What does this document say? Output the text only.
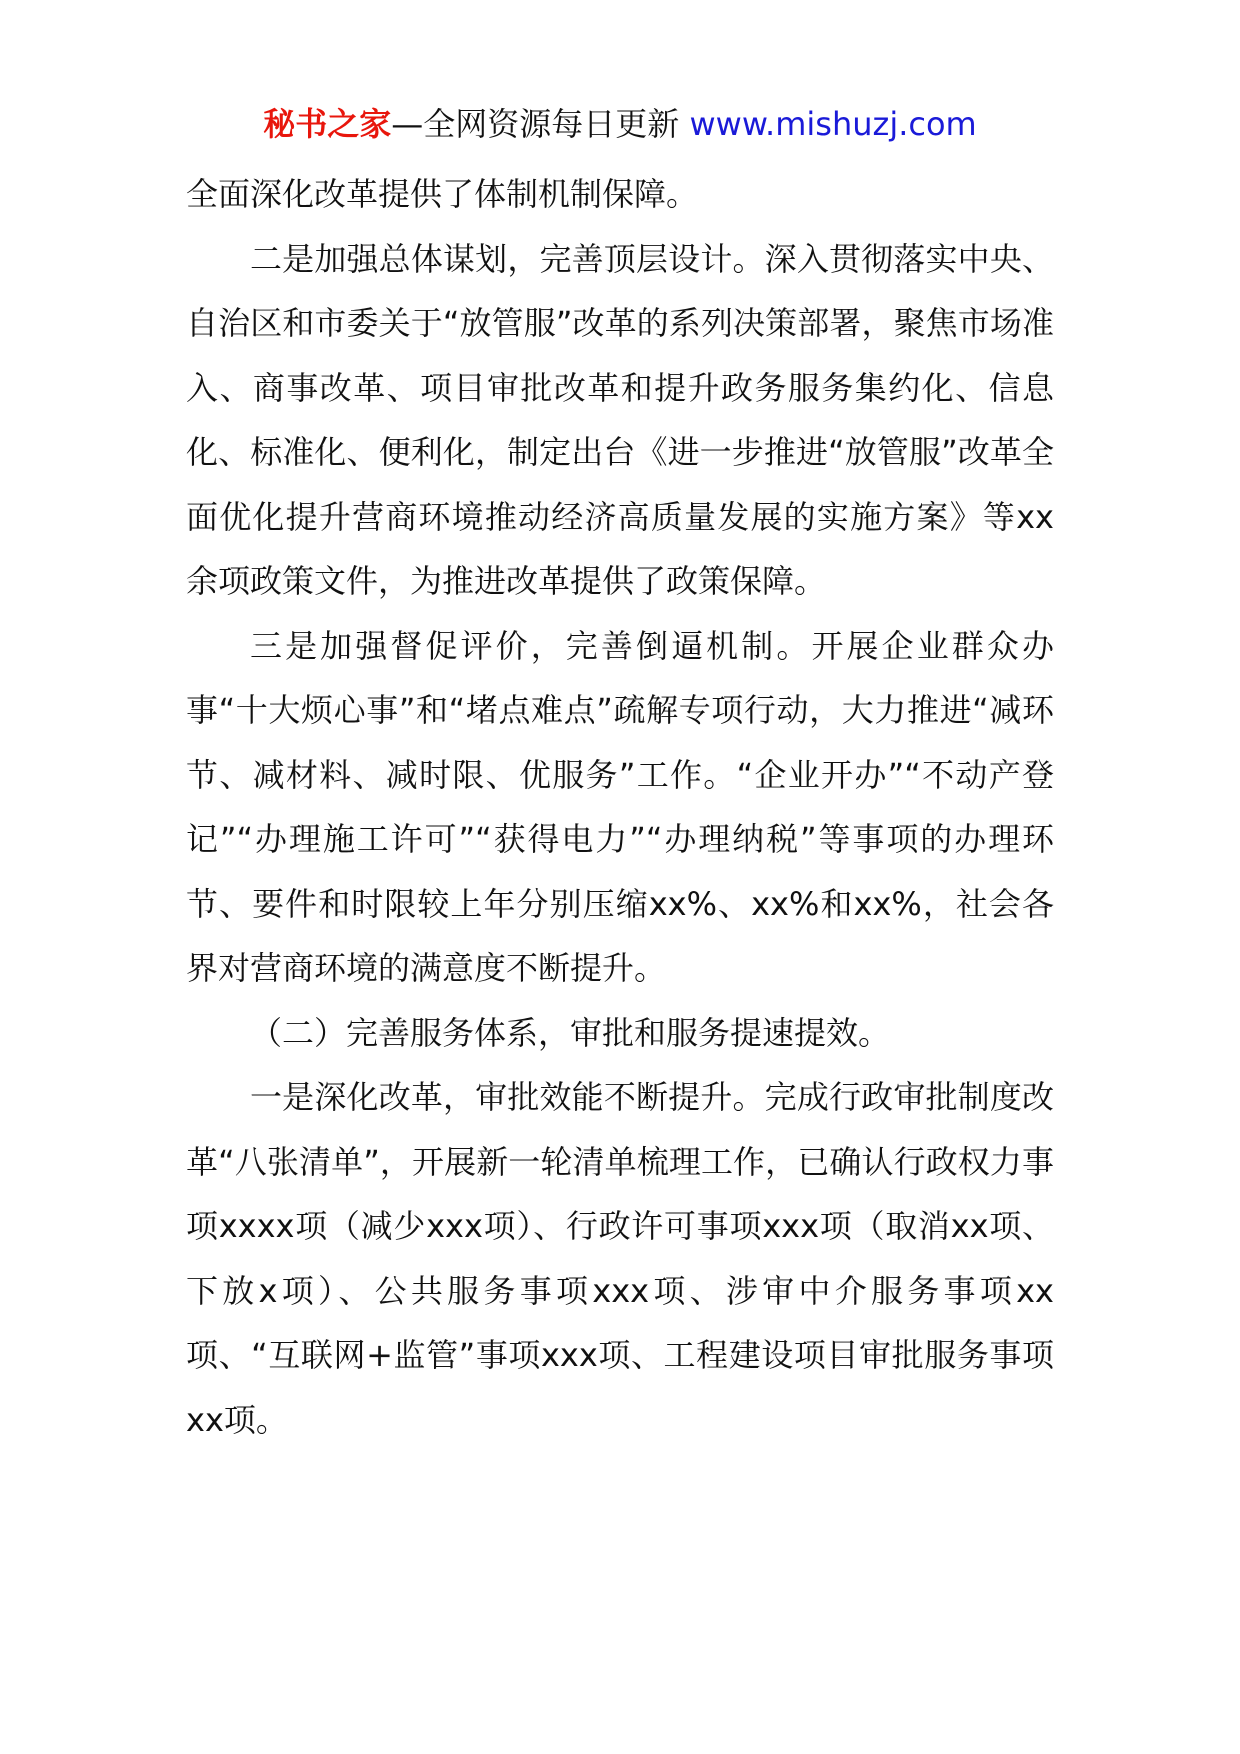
秘书之家—全网资源每日更新 www.mishuzj.com

全面深化改革提供了体制机制保障。

二是加强总体谋划，完善顶层设计。深入贯彻落实中央、自治区和市委关于“放管服”改革的系列决策部署，聚焦市场准入、商事改革、项目审批改革和提升政务服务集约化、信息化、标准化、便利化，制定出台《进一步推进“放管服”改革全面优化提升营商环境推动经济高质量发展的实施方案》等xx余项政策文件，为推进改革提供了政策保障。

三是加强督促评价，完善倒逼机制。开展企业群众办事“十大烦心事”和“堵点难点”疏解专项行动，大力推进“减环节、减材料、减时限、优服务”工作。“企业开办”“不动产登记”“办理施工许可”“获得电力”“办理纳税”等事项的办理环节、要件和时限较上年分别压缩xx%、xx%和xx%，社会各界对营商环境的满意度不断提升。

（二）完善服务体系，审批和服务提速提效。

一是深化改革，审批效能不断提升。完成行政审批制度改革“八张清单”，开展新一轮清单梳理工作，已确认行政权力事项xxxx项（减少xxx项）、行政许可事项xxx项（取消xx项、下放x项）、公共服务事项xxx项、涉审中介服务事项xx项、“互联网+监管”事项xxx项、工程建设项目审批服务事项xx项。
